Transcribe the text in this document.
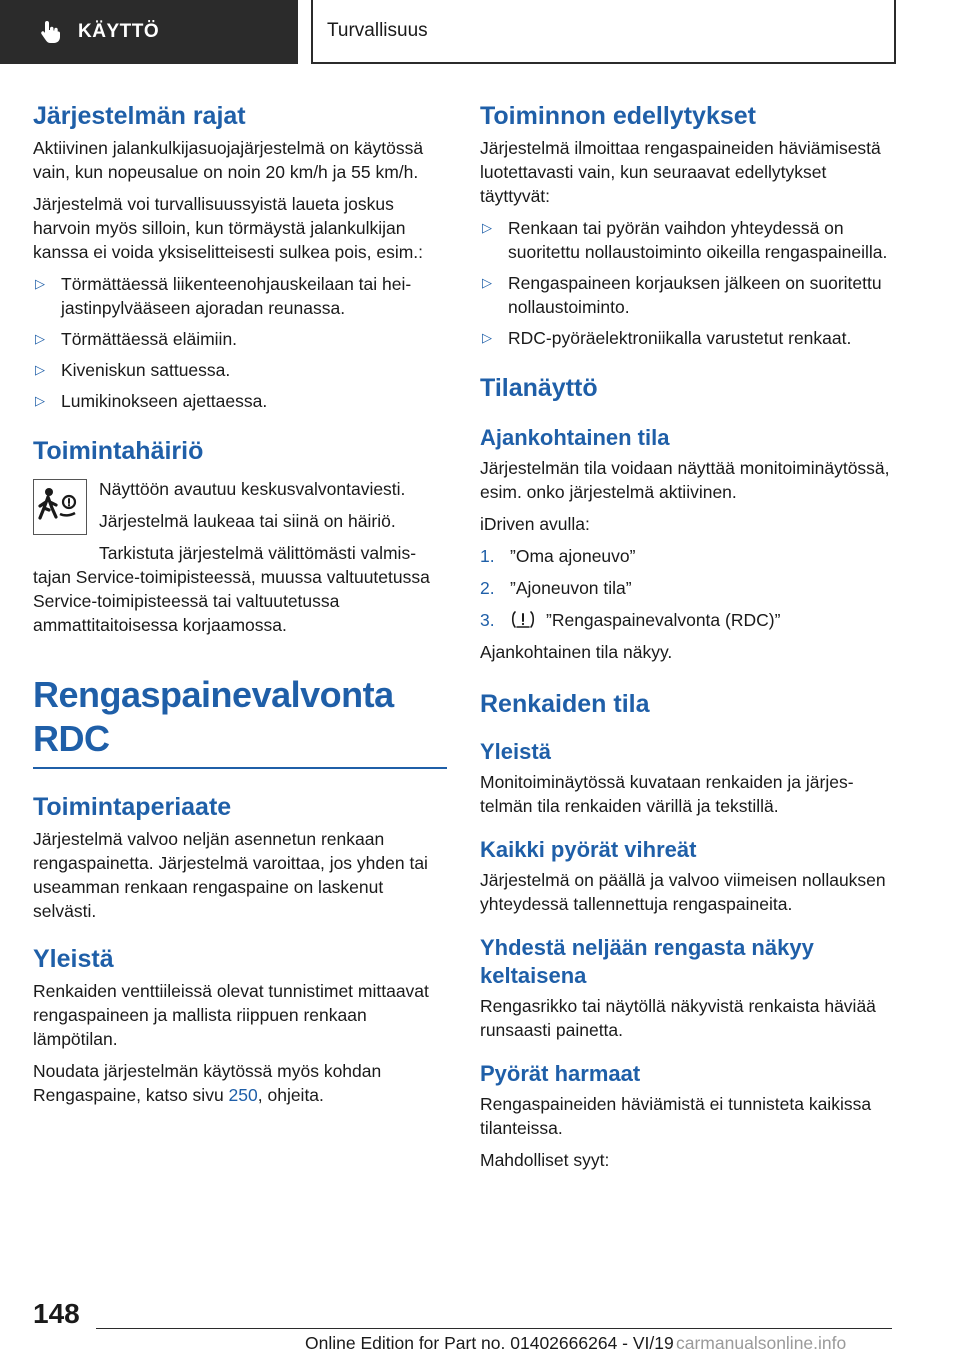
KÄYTTÖ	Turvallisuus
Järjestelmän rajat

Aktiivinen jalankulkijasuojajärjestelmä on käytössä vain, kun nopeusalue on noin 20 km/h ja 55 km/h.

Järjestelmä voi turvallisuussyistä laueta joskus harvoin myös silloin, kun törmäystä jalankulkijan kanssa ei voida yksiselitteisesti sulkea pois, esim.:

▷ Törmättäessä liikenteenohjauskeilaan tai heijastinpylvääseen ajoradan reunassa.
▷ Törmättäessä eläimiin.
▷ Kiveniskun sattuessa.
▷ Lumikinokseen ajettaessa.
Toimintahäiriö

Näyttöön avautuu keskusvalvontaviesti.

Järjestelmä laukeaa tai siinä on häiriö.

Tarkistuta järjestelmä välittömästi valmistajan Service-toimipisteessä, muussa valtuutetussa Service-toimipisteessä tai valtuutetussa ammattitaitoisessa korjaamossa.

Rengaspainevalvonta RDC
Toimintaperiaate

Järjestelmä valvoo neljän asennetun renkaan rengaspainetta. Järjestelmä varoittaa, jos yhden tai useamman renkaan rengaspaine on laskenut selvästi.

Yleistä

Renkaiden venttiileissä olevat tunnistimet mittaavat rengaspaineen ja mallista riippuen renkaan lämpötilan.

Noudata järjestelmän käytössä myös kohdan Rengaspaine, katso sivu 250, ohjeita.

Toiminnon edellytykset

Järjestelmä ilmoittaa rengaspaineiden häviämisestä luotettavasti vain, kun seuraavat edellytykset täyttyvät:

▷ Renkaan tai pyörän vaihdon yhteydessä on suoritettu nollaustoiminto oikeilla rengaspaineilla.
▷ Rengaspaineen korjauksen jälkeen on suoritettu nollaustoiminto.
▷ RDC-pyöräelektroniikalla varustetut renkaat.
Tilanäyttö
Ajankohtainen tila

Järjestelmän tila voidaan näyttää monitoiminäytössä, esim. onko järjestelmä aktiivinen.

iDriven avulla:

1. ”Oma ajoneuvo”
2. ”Ajoneuvon tila”
3.	”Rengaspainevalvonta (RDC)”

Ajankohtainen tila näkyy.

Renkaiden tila
Yleistä

Monitoiminäytössä kuvataan renkaiden ja järjestelmän tila renkaiden värillä ja tekstillä.

Kaikki pyörät vihreät

Järjestelmä on päällä ja valvoo viimeisen nollauksen yhteydessä tallennettuja rengaspaineita.

Yhdestä neljään rengasta näkyy keltaisena

Rengasrikko tai näytöllä näkyvistä renkaista häviää runsaasti painetta.

Pyörät harmaat

Rengaspaineiden häviämistä ei tunnisteta kaikissa tilanteissa.

Mahdolliset syyt:

148
Online Edition for Part no. 01402666264 - VI/19 carmanualsonline.info
